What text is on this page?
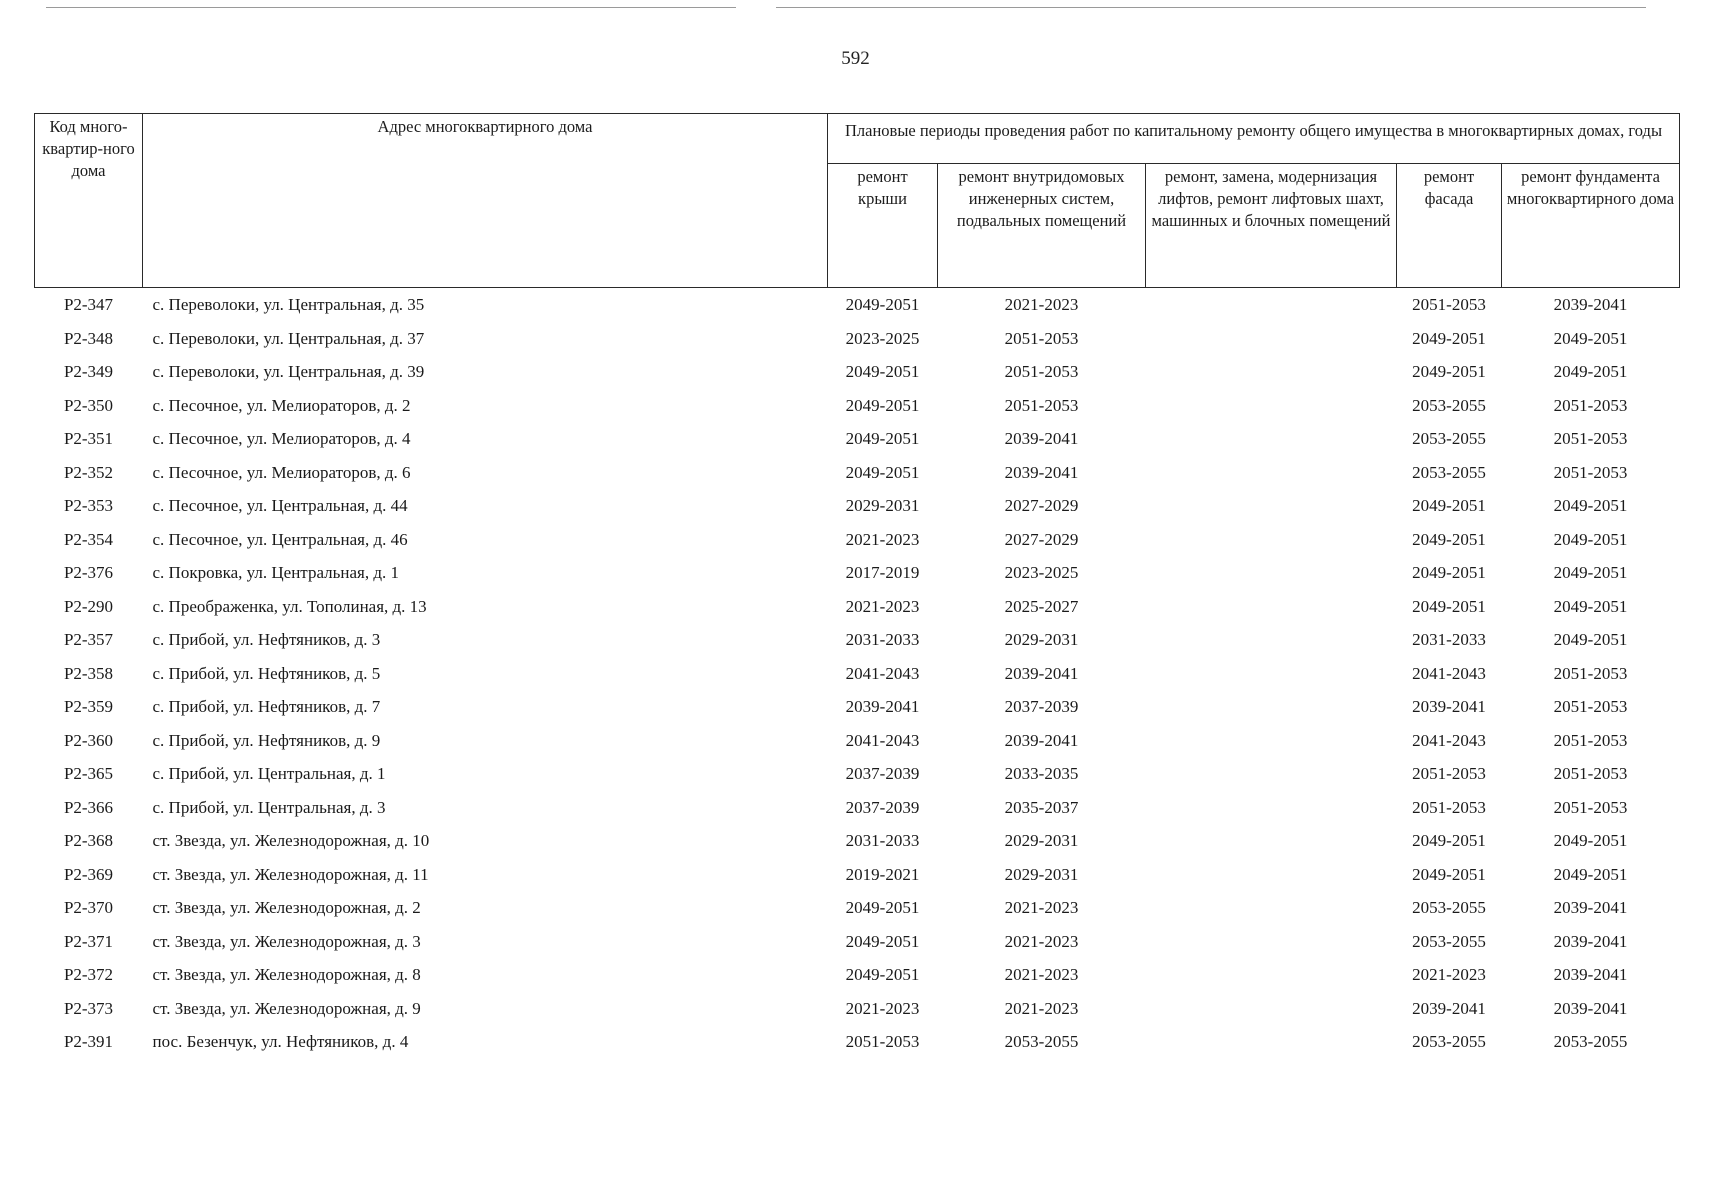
592
Код много-квартир-ного дома	Адрес многоквартирного дома	Плановые периоды проведения работ по капитальному ремонту общего имущества в многоквартирных домах, годы				
		ремонт крыши	ремонт внутридомовых инженерных систем, подвальных помещений	ремонт, замена, модернизация лифтов, ремонт лифтовых шахт, машинных и блочных помещений	ремонт фасада	ремонт фундамента многоквартирного дома
Р2-347	с. Переволоки, ул. Центральная, д. 35	2049-2051	2021-2023		2051-2053	2039-2041
Р2-348	с. Переволоки, ул. Центральная, д. 37	2023-2025	2051-2053		2049-2051	2049-2051
Р2-349	с. Переволоки, ул. Центральная, д. 39	2049-2051	2051-2053		2049-2051	2049-2051
Р2-350	с. Песочное, ул. Мелиораторов, д. 2	2049-2051	2051-2053		2053-2055	2051-2053
Р2-351	с. Песочное, ул. Мелиораторов, д. 4	2049-2051	2039-2041		2053-2055	2051-2053
Р2-352	с. Песочное, ул. Мелиораторов, д. 6	2049-2051	2039-2041		2053-2055	2051-2053
Р2-353	с. Песочное, ул. Центральная, д. 44	2029-2031	2027-2029		2049-2051	2049-2051
Р2-354	с. Песочное, ул. Центральная, д. 46	2021-2023	2027-2029		2049-2051	2049-2051
Р2-376	с. Покровка, ул. Центральная, д. 1	2017-2019	2023-2025		2049-2051	2049-2051
Р2-290	с. Преображенка, ул. Тополиная, д. 13	2021-2023	2025-2027		2049-2051	2049-2051
Р2-357	с. Прибой, ул. Нефтяников, д. 3	2031-2033	2029-2031		2031-2033	2049-2051
Р2-358	с. Прибой, ул. Нефтяников, д. 5	2041-2043	2039-2041		2041-2043	2051-2053
Р2-359	с. Прибой, ул. Нефтяников, д. 7	2039-2041	2037-2039		2039-2041	2051-2053
Р2-360	с. Прибой, ул. Нефтяников, д. 9	2041-2043	2039-2041		2041-2043	2051-2053
Р2-365	с. Прибой, ул. Центральная, д. 1	2037-2039	2033-2035		2051-2053	2051-2053
Р2-366	с. Прибой, ул. Центральная, д. 3	2037-2039	2035-2037		2051-2053	2051-2053
Р2-368	ст. Звезда, ул. Железнодорожная, д. 10	2031-2033	2029-2031		2049-2051	2049-2051
Р2-369	ст. Звезда, ул. Железнодорожная, д. 11	2019-2021	2029-2031		2049-2051	2049-2051
Р2-370	ст. Звезда, ул. Железнодорожная, д. 2	2049-2051	2021-2023		2053-2055	2039-2041
Р2-371	ст. Звезда, ул. Железнодорожная, д. 3	2049-2051	2021-2023		2053-2055	2039-2041
Р2-372	ст. Звезда, ул. Железнодорожная, д. 8	2049-2051	2021-2023		2021-2023	2039-2041
Р2-373	ст. Звезда, ул. Железнодорожная, д. 9	2021-2023	2021-2023		2039-2041	2039-2041
Р2-391	пос. Безенчук, ул. Нефтяников, д. 4	2051-2053	2053-2055		2053-2055	2053-2055
